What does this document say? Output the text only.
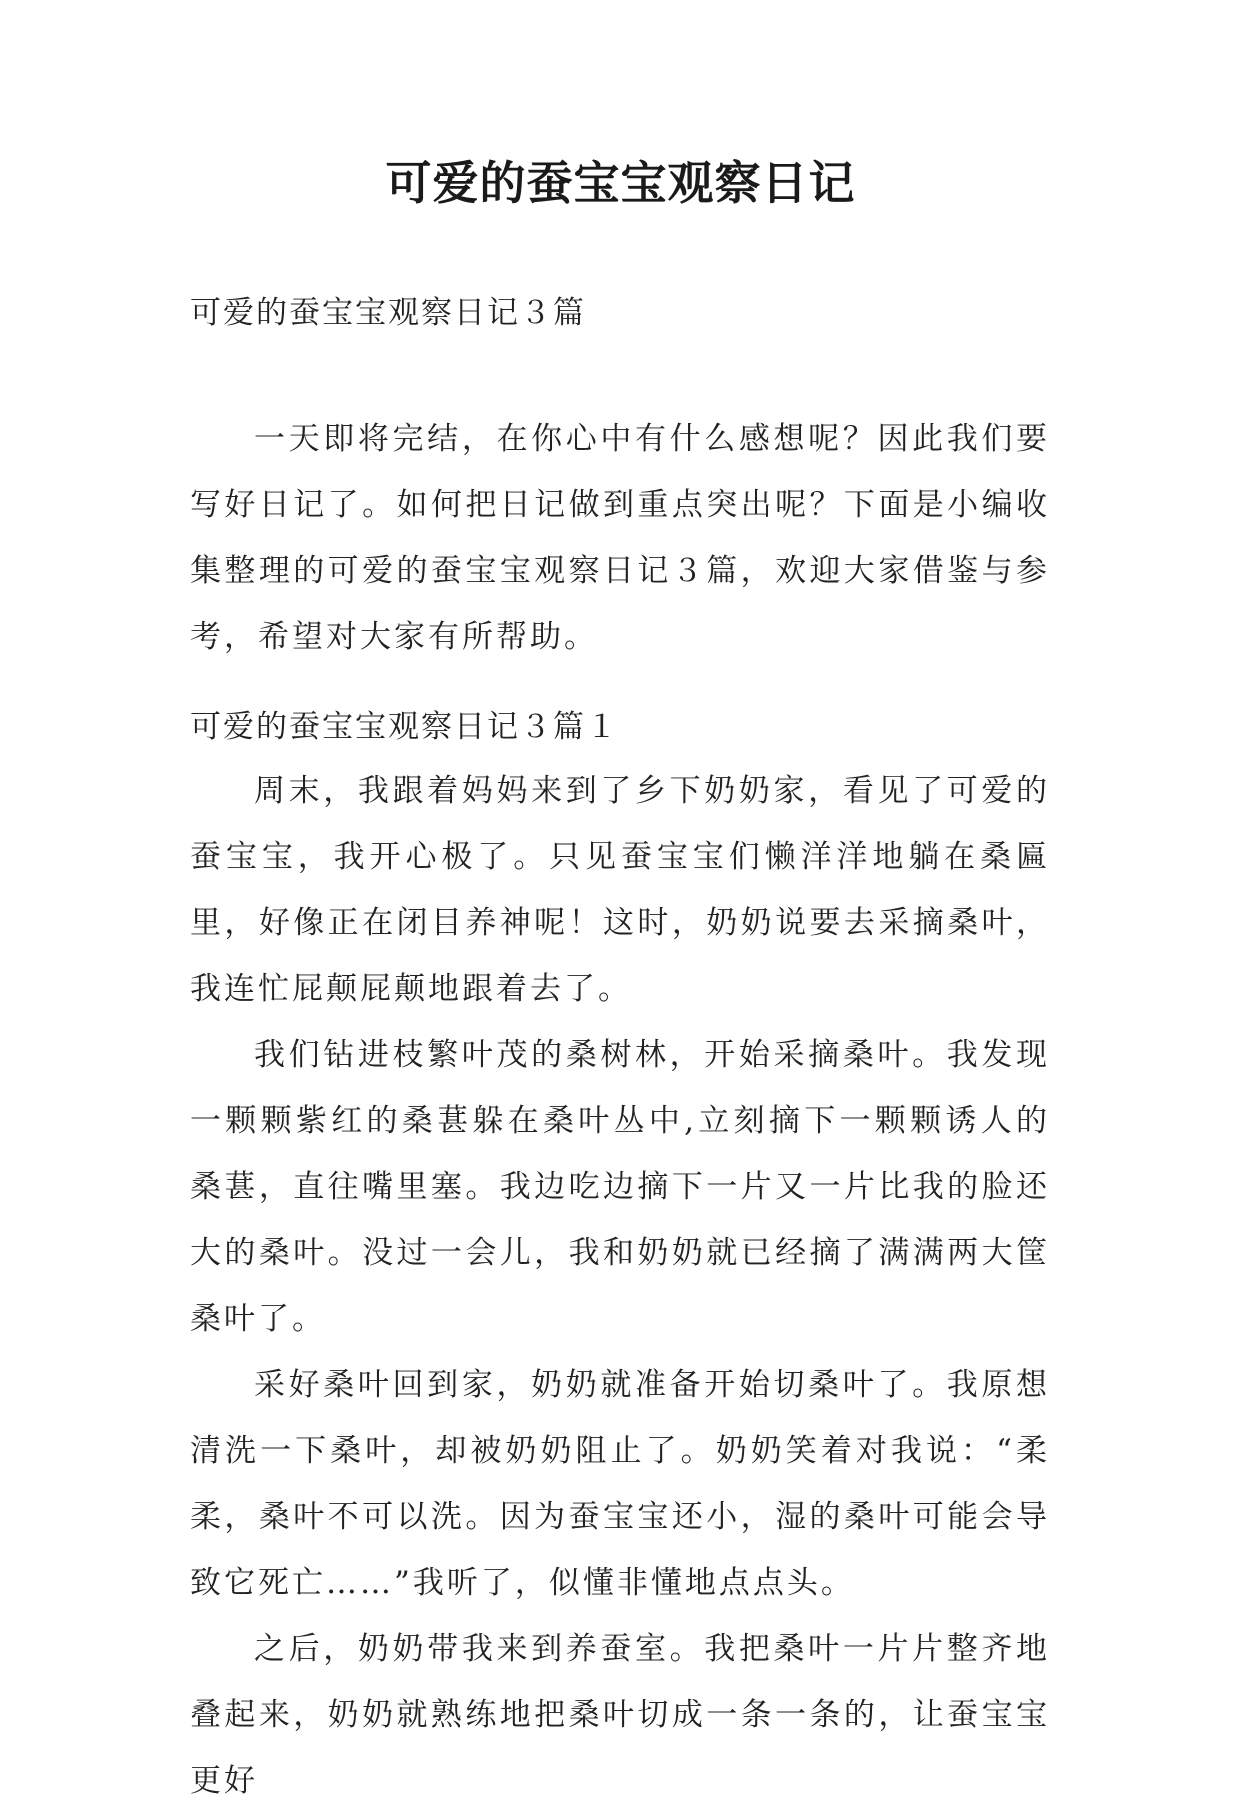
可爱的蚕宝宝观察日记

可爱的蚕宝宝观察日记３篇

一天即将完结，在你心中有什么感想呢？因此我们要写好日记了。如何把日记做到重点突出呢？下面是小编收集整理的可爱的蚕宝宝观察日记３篇，欢迎大家借鉴与参考，希望对大家有所帮助。

可爱的蚕宝宝观察日记３篇１

周末，我跟着妈妈来到了乡下奶奶家，看见了可爱的蚕宝宝，我开心极了。只见蚕宝宝们懒洋洋地躺在桑匾里，好像正在闭目养神呢！这时，奶奶说要去采摘桑叶，我连忙屁颠屁颠地跟着去了。

我们钻进枝繁叶茂的桑树林，开始采摘桑叶。我发现一颗颗紫红的桑葚躲在桑叶丛中,立刻摘下一颗颗诱人的桑葚，直往嘴里塞。我边吃边摘下一片又一片比我的脸还大的桑叶。没过一会儿，我和奶奶就已经摘了满满两大筐桑叶了。

采好桑叶回到家，奶奶就准备开始切桑叶了。我原想清洗一下桑叶，却被奶奶阻止了。奶奶笑着对我说：“柔柔，桑叶不可以洗。因为蚕宝宝还小，湿的桑叶可能会导致它死亡……”我听了，似懂非懂地点点头。

之后，奶奶带我来到养蚕室。我把桑叶一片片整齐地叠起来，奶奶就熟练地把桑叶切成一条一条的，让蚕宝宝更好
